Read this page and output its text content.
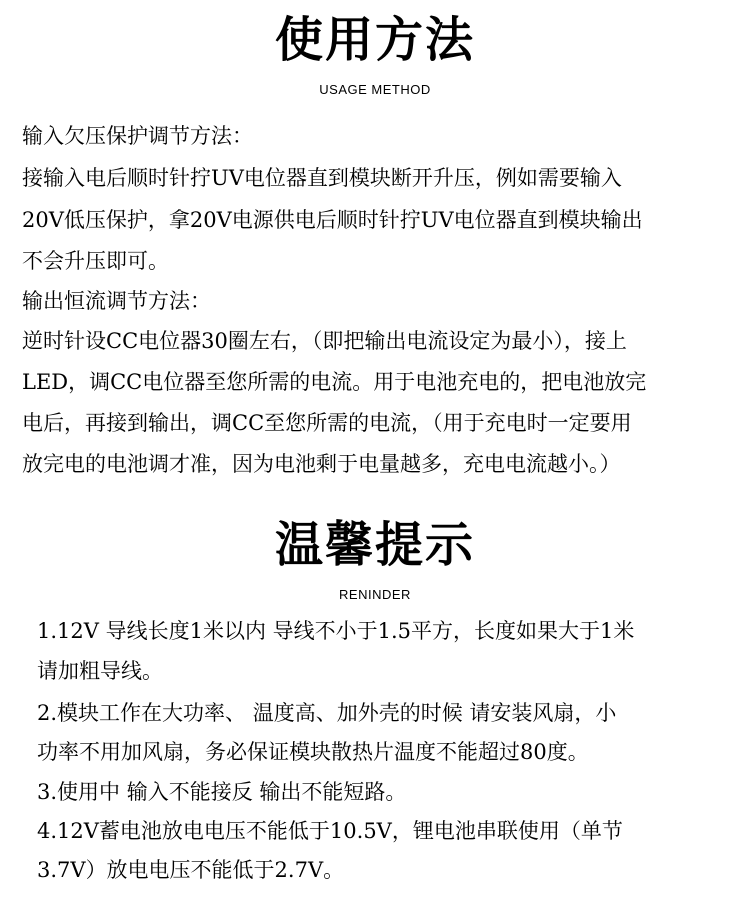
使用方法
USAGE METHOD

输入欠压保护调节方法：

接输入电后顺时针拧UV电位器直到模块断开升压，例如需要输入

20V低压保护，拿20V电源供电后顺时针拧UV电位器直到模块输出

不会升压即可。

输出恒流调节方法：

逆时针设CC电位器30圈左右，（即把输出电流设定为最小），接上

LED，调CC电位器至您所需的电流。用于电池充电的，把电池放完

电后，再接到输出，调CC至您所需的电流，（用于充电时一定要用

放完电的电池调才准，因为电池剩于电量越多，充电电流越小。）

温馨提示
RENINDER

1.12V 导线长度1米以内 导线不小于1.5平方，长度如果大于1米

请加粗导线。

2.模块工作在大功率、 温度高、加外壳的时候 请安装风扇，小

功率不用加风扇，务必保证模块散热片温度不能超过80度。

3.使用中 输入不能接反 输出不能短路。

4.12V蓄电池放电电压不能低于10.5V，锂电池串联使用（单节

3.7V）放电电压不能低于2.7V。
